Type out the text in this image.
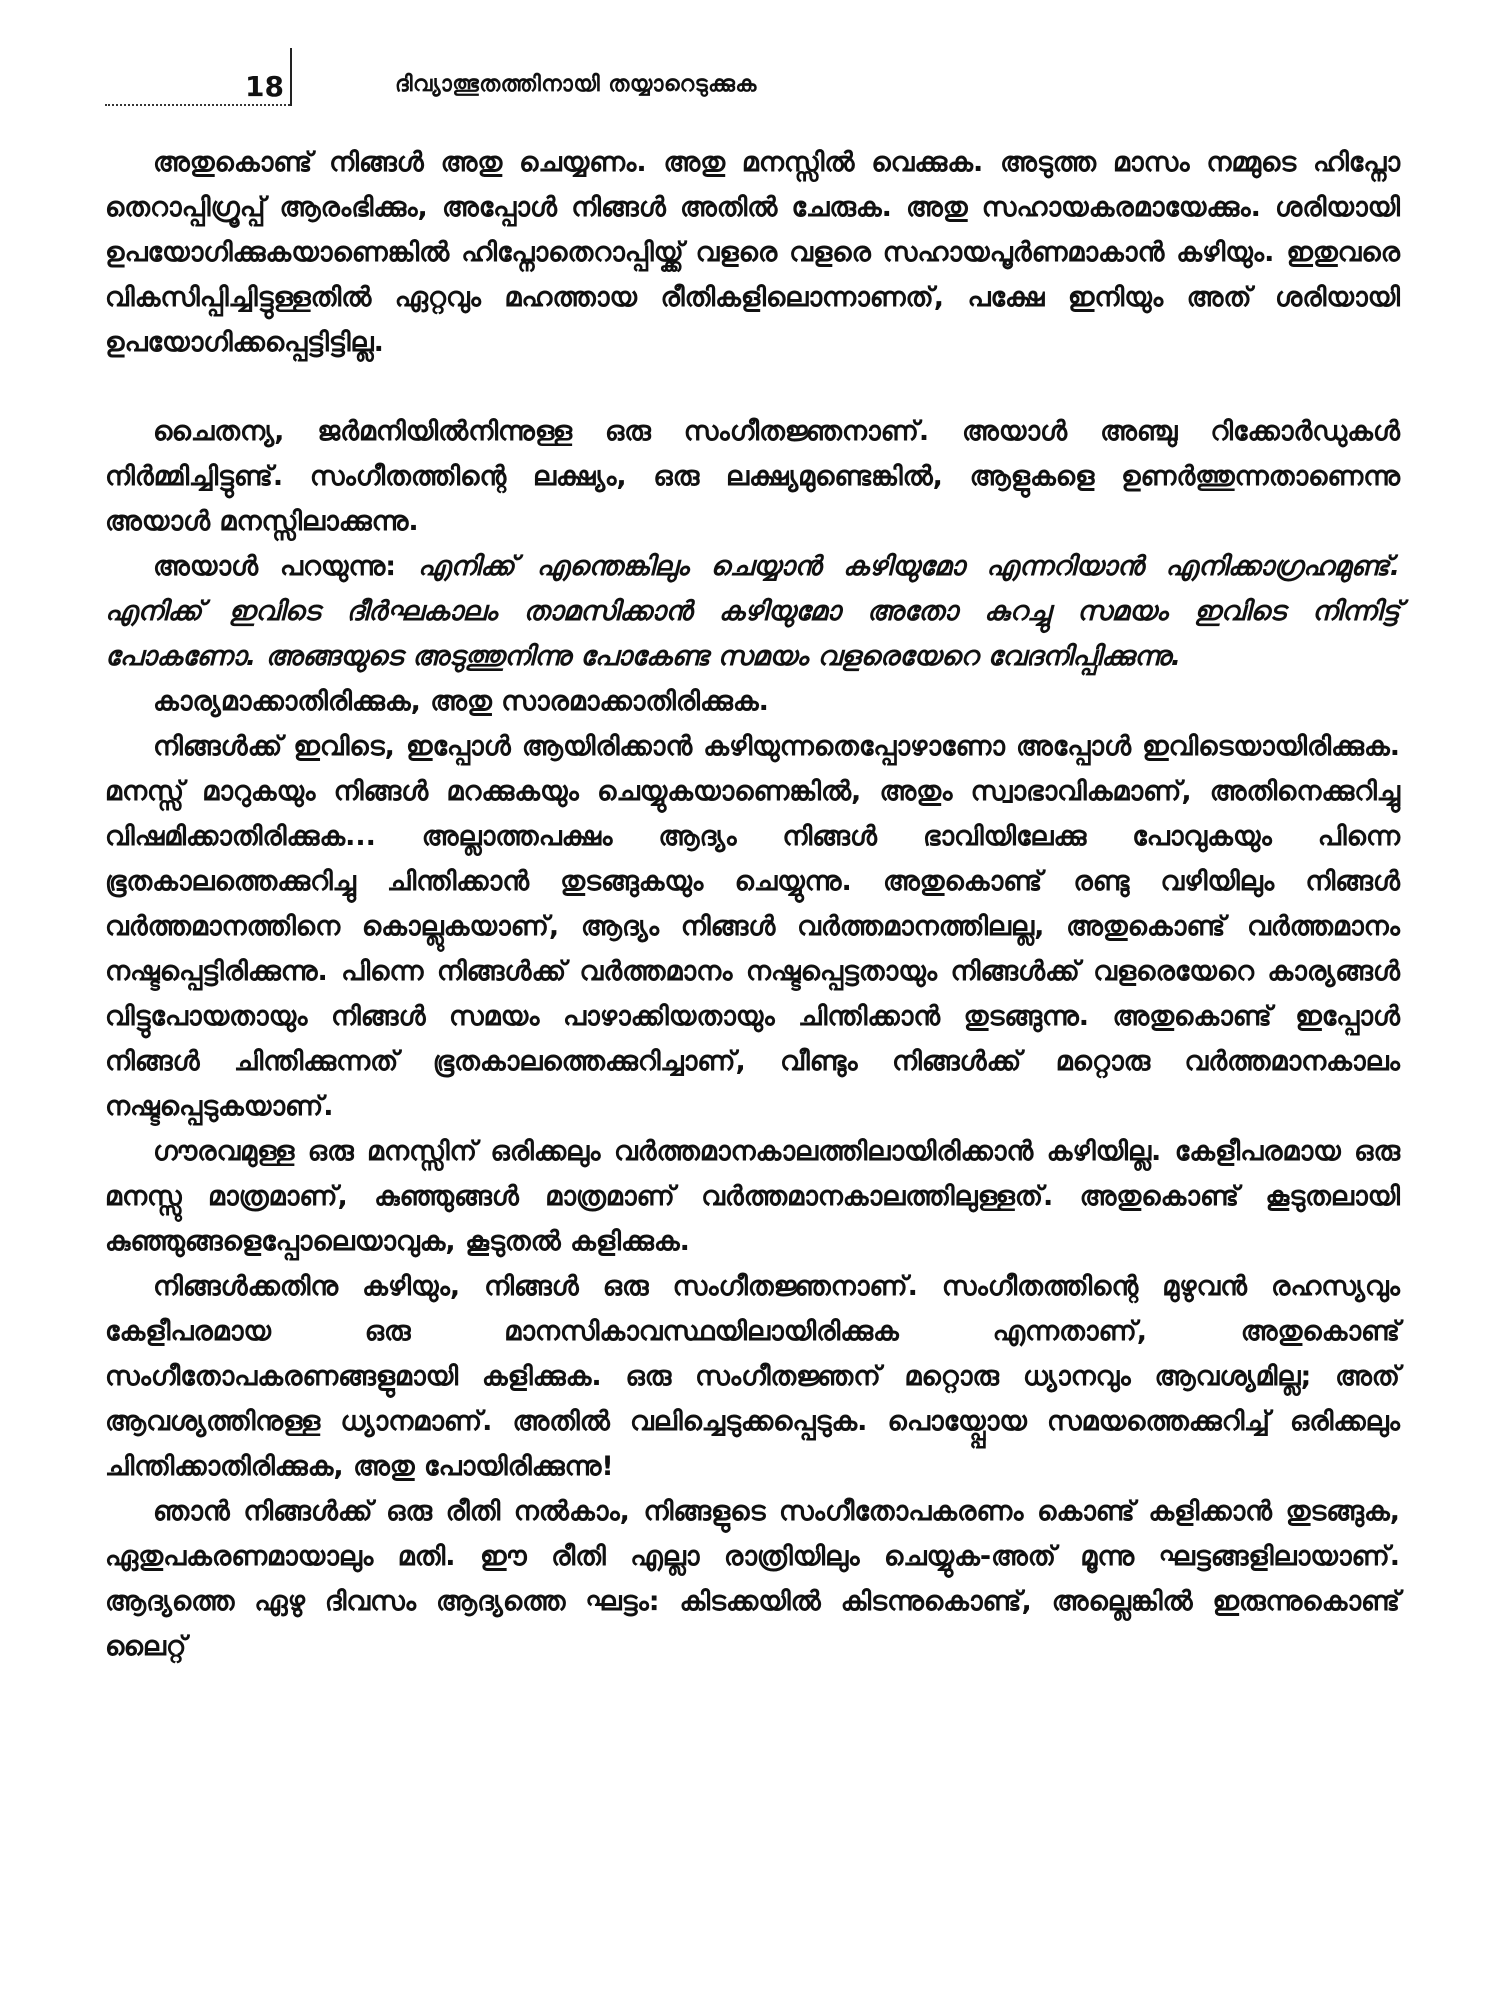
18	ദിവ്യാത്ഭുതത്തിനായി തയ്യാറെടുക്കുക

അതുകൊണ്ട് നിങ്ങൾ അതു ചെയ്യണം. അതു മനസ്സിൽ വെക്കുക. അടുത്ത മാസം നമ്മുടെ ഹിപ്നോ തെറാപ്പിഗ്രൂപ്പ് ആരംഭിക്കും, അപ്പോൾ നിങ്ങൾ അതിൽ ചേരുക. അതു സഹായകരമായേക്കും. ശരിയായി ഉപയോഗിക്കുകയാണെങ്കിൽ ഹിപ്നോതെറാപ്പിയ്ക്ക് വളരെ വളരെ സഹായപൂർണമാകാൻ കഴിയും. ഇതുവരെ വികസിപ്പിച്ചിട്ടുള്ളതിൽ ഏറ്റവും മഹത്തായ രീതികളിലൊന്നാണത്, പക്ഷേ ഇനിയും അത് ശരിയായി ഉപയോഗിക്കപ്പെട്ടിട്ടില്ല.

ചൈതന്യ, ജർമനിയിൽനിന്നുള്ള ഒരു സംഗീതജ്ഞനാണ്. അയാൾ അഞ്ചു റിക്കോർഡുകൾ നിർമ്മിച്ചിട്ടുണ്ട്. സംഗീതത്തിന്റെ ലക്ഷ്യം, ഒരു ലക്ഷ്യമുണ്ടെങ്കിൽ, ആളുകളെ ഉണർത്തുന്നതാണെന്നു അയാൾ മനസ്സിലാക്കുന്നു.

അയാൾ പറയുന്നു: എനിക്ക് എന്തെങ്കിലും ചെയ്യാൻ കഴിയുമോ എന്നറിയാൻ എനിക്കാഗ്രഹമുണ്ട്. എനിക്ക് ഇവിടെ ദീർഘകാലം താമസിക്കാൻ കഴിയുമോ അതോ കുറച്ചു സമയം ഇവിടെ നിന്നിട്ട് പോകണോ. അങ്ങയുടെ അടുത്തുനിന്നു പോകേണ്ട സമയം വളരെയേറെ വേദനിപ്പിക്കുന്നു.

കാര്യമാക്കാതിരിക്കുക, അതു സാരമാക്കാതിരിക്കുക.

നിങ്ങൾക്ക് ഇവിടെ, ഇപ്പോൾ ആയിരിക്കാൻ കഴിയുന്നതെപ്പോഴാണോ അപ്പോൾ ഇവിടെയായിരിക്കുക. മനസ്സ് മാറുകയും നിങ്ങൾ മറക്കുകയും ചെയ്യുകയാണെങ്കിൽ, അതും സ്വാഭാവികമാണ്, അതിനെക്കുറിച്ചു വിഷമിക്കാതിരിക്കുക... അല്ലാത്തപക്ഷം ആദ്യം നിങ്ങൾ ഭാവിയിലേക്കു പോവുകയും പിന്നെ ഭൂതകാലത്തെക്കുറിച്ചു ചിന്തിക്കാൻ തുടങ്ങുകയും ചെയ്യുന്നു. അതുകൊണ്ട് രണ്ടു വഴിയിലും നിങ്ങൾ വർത്തമാനത്തിനെ കൊല്ലുകയാണ്, ആദ്യം നിങ്ങൾ വർത്തമാനത്തിലല്ല, അതുകൊണ്ട് വർത്തമാനം നഷ്ടപ്പെട്ടിരിക്കുന്നു. പിന്നെ നിങ്ങൾക്ക് വർത്തമാനം നഷ്ടപ്പെട്ടതായും നിങ്ങൾക്ക് വളരെയേറെ കാര്യങ്ങൾ വിട്ടുപോയതായും നിങ്ങൾ സമയം പാഴാക്കിയതായും ചിന്തിക്കാൻ തുടങ്ങുന്നു. അതുകൊണ്ട് ഇപ്പോൾ നിങ്ങൾ ചിന്തിക്കുന്നത് ഭൂതകാലത്തെക്കുറിച്ചാണ്, വീണ്ടും നിങ്ങൾക്ക് മറ്റൊരു വർത്തമാനകാലം നഷ്ടപ്പെടുകയാണ്.

ഗൗരവമുള്ള ഒരു മനസ്സിന് ഒരിക്കലും വർത്തമാനകാലത്തിലായിരിക്കാൻ കഴിയില്ല. കേളീപരമായ ഒരു മനസ്സു മാത്രമാണ്, കുഞ്ഞുങ്ങൾ മാത്രമാണ് വർത്തമാനകാലത്തിലുള്ളത്. അതുകൊണ്ട് കൂടുതലായി കുഞ്ഞുങ്ങളെപ്പോലെയാവുക, കൂടുതൽ കളിക്കുക.

നിങ്ങൾക്കതിനു കഴിയും, നിങ്ങൾ ഒരു സംഗീതജ്ഞനാണ്. സംഗീതത്തിന്റെ മുഴുവൻ രഹസ്യവും കേളീപരമായ ഒരു മാനസികാവസ്ഥയിലായിരിക്കുക എന്നതാണ്, അതുകൊണ്ട് സംഗീതോപകരണങ്ങളുമായി കളിക്കുക. ഒരു സംഗീതജ്ഞന് മറ്റൊരു ധ്യാനവും ആവശ്യമില്ല; അത് ആവശ്യത്തിനുള്ള ധ്യാനമാണ്. അതിൽ വലിച്ചെടുക്കപ്പെടുക. പൊയ്പ്പോയ സമയത്തെക്കുറിച്ച് ഒരിക്കലും ചിന്തിക്കാതിരിക്കുക, അതു പോയിരിക്കുന്നു!

ഞാൻ നിങ്ങൾക്ക് ഒരു രീതി നൽകാം, നിങ്ങളുടെ സംഗീതോപകരണം കൊണ്ട് കളിക്കാൻ തുടങ്ങുക, ഏതുപകരണമായാലും മതി. ഈ രീതി എല്ലാ രാത്രിയിലും ചെയ്യുക-അത് മൂന്നു ഘട്ടങ്ങളിലായാണ്. ആദ്യത്തെ ഏഴു ദിവസം ആദ്യത്തെ ഘട്ടം: കിടക്കയിൽ കിടന്നുകൊണ്ട്, അല്ലെങ്കിൽ ഇരുന്നുകൊണ്ട് ലൈറ്റ്
